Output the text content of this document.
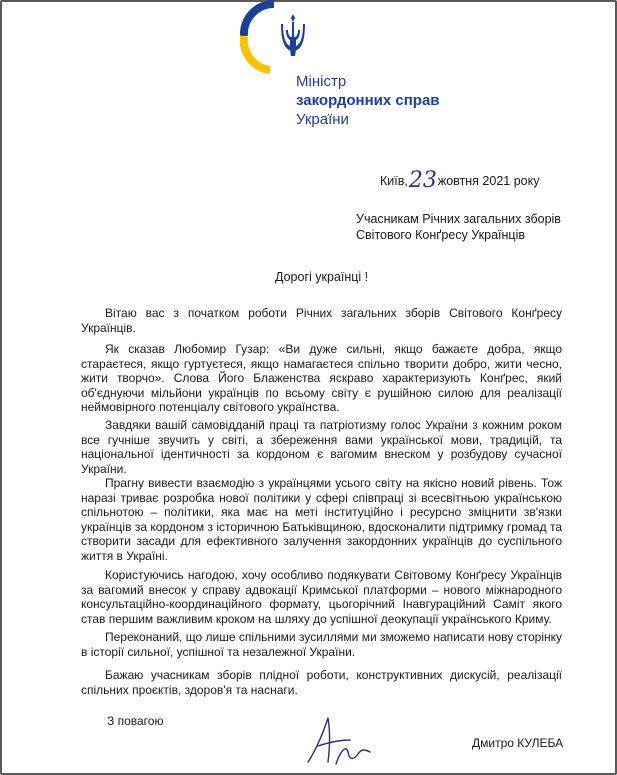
Міністр
закордонних справ
України
Київ,23жовтня 2021 року
Учасникам Річних загальних зборів
Світового Конґресу Українців
Дорогі українці !

Вітаю вас з початком роботи Річних загальних зборів Світового Конґресу Українців.

Як сказав Любомир Гузар: «Ви дуже сильні, якщо бажаєте добра, якщо стараєтеся, якщо гуртуєтеся, якщо намагаєтеся спільно творити добро, жити чесно, жити творчо». Слова Його Блаженства яскраво характеризують Конґрес, який об'єднуючи мільйони українців по всьому світу є рушійною силою для реалізації неймовірного потенціалу світового українства.

Завдяки вашій самовідданій праці та патріотизму голос України з кожним роком все гучніше звучить у світі, а збереження вами української мови, традицій, та національної ідентичності за кордоном є вагомим внеском у розбудову сучасної України.

Прагну вивести взаємодію з українцями усього світу на якісно новий рівень. Тож наразі триває розробка нової політики у сфері співпраці зі всесвітньою українською спільнотою – політики, яка має на меті інституційно і ресурсно зміцнити зв'язки українців за кордоном з історичною Батьківщиною, вдосконалити підтримку громад та створити засади для ефективного залучення закордонних українців до суспільного життя в Україні.

Користуючись нагодою, хочу особливо подякувати Світовому Конґресу Українців за вагомий внесок у справу адвокації Кримської платформи – нового міжнародного консультаційно-координаційного формату, цьогорічний Інавгураційний Саміт якого став першим важливим кроком на шляху до успішної деокупації українського Криму.

Переконаний, що лише спільними зусиллями ми зможемо написати нову сторінку в історії сильної, успішної та незалежної України.

Бажаю учасникам зборів плідної роботи, конструктивних дискусій, реалізації спільних проєктів, здоров'я та наснаги.

З повагою
Дмитро КУЛЕБА
